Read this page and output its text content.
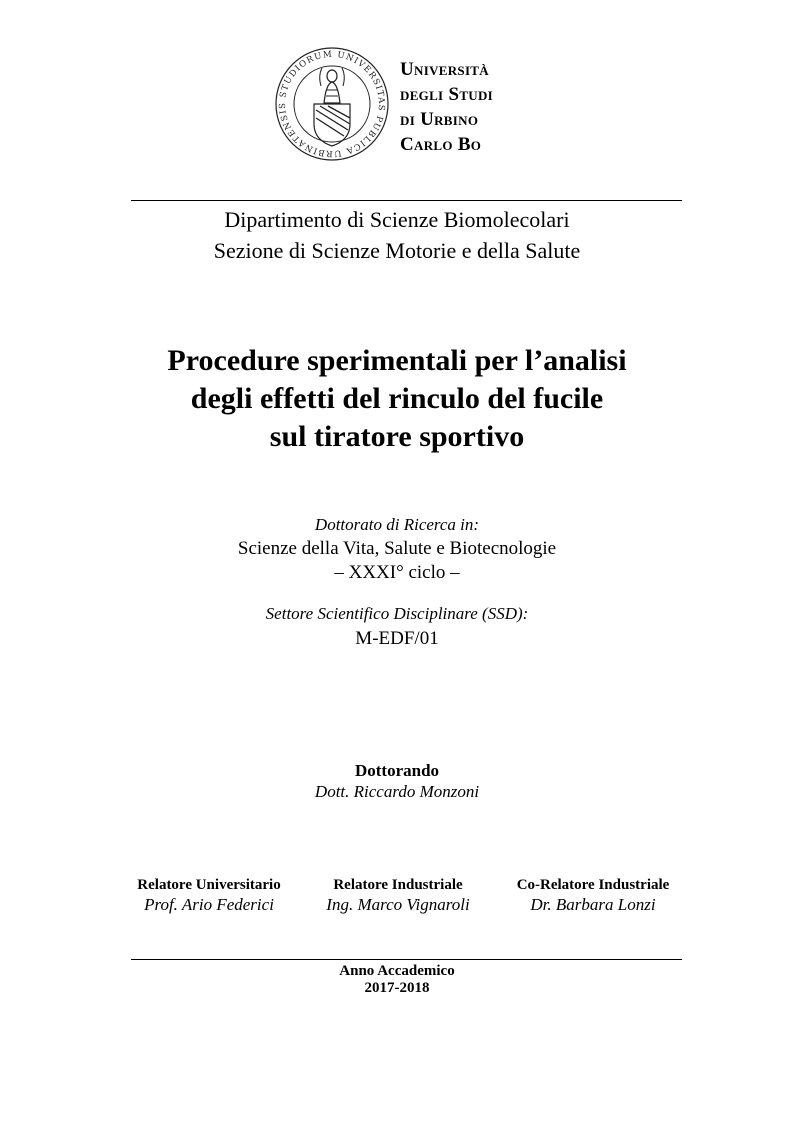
STUDIORUM UNIVERSITAS PUBLICA URBINATENSIS
Università
degli Studi
di Urbino
Carlo Bo
Dipartimento di Scienze Biomolecolari
Sezione di Scienze Motorie e della Salute
Procedure sperimentali per l’analisi
degli effetti del rinculo del fucile
sul tiratore sportivo
Dottorato di Ricerca in:
Scienze della Vita, Salute e Biotecnologie
– XXXI° ciclo –
Settore Scientifico Disciplinare (SSD):
M-EDF/01
Dottorando
Dott. Riccardo Monzoni
Relatore Universitario
Prof. Ario Federici
Relatore Industriale
Ing. Marco Vignaroli
Co-Relatore Industriale
Dr. Barbara Lonzi
Anno Accademico
2017-2018
